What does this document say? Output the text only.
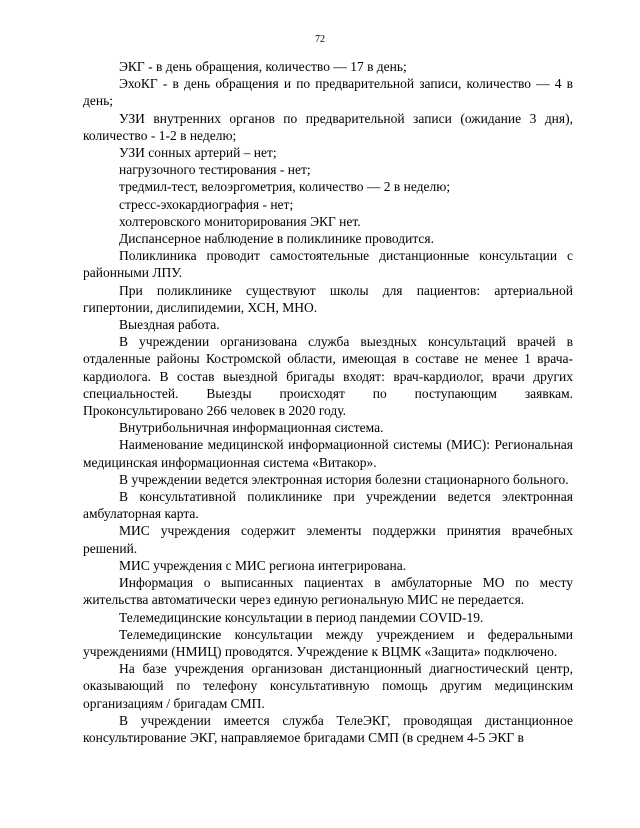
72

ЭКГ - в день обращения, количество — 17 в день;

ЭхоКГ - в день обращения и по предварительной записи, количество — 4 в день;

УЗИ внутренних органов по предварительной записи (ожидание 3 дня), количество - 1-2 в неделю;

УЗИ сонных артерий – нет;

нагрузочного тестирования - нет;

тредмил-тест, велоэргометрия, количество — 2 в неделю;

стресс-эхокардиография - нет;

холтеровского мониторирования ЭКГ нет.

Диспансерное наблюдение в поликлинике проводится.

Поликлиника проводит самостоятельные дистанционные консультации с районными ЛПУ.

При поликлинике существуют школы для пациентов: артериальной гипертонии, дислипидемии, ХСН, МНО.

Выездная работа.

В учреждении организована служба выездных консультаций врачей в отдаленные районы Костромской области, имеющая в составе не менее 1 врача-кардиолога. В состав выездной бригады входят: врач-кардиолог, врачи других специальностей. Выезды происходят по поступающим заявкам. Проконсультировано 266 человек в 2020 году.

Внутрибольничная информационная система.

Наименование медицинской информационной системы (МИС): Региональная медицинская информационная система «Витакор».

В учреждении ведется электронная история болезни стационарного больного.

В консультативной поликлинике при учреждении ведется электронная амбулаторная карта.

МИС учреждения содержит элементы поддержки принятия врачебных решений.

МИС учреждения с МИС региона интегрирована.

Информация о выписанных пациентах в амбулаторные МО по месту жительства автоматически через единую региональную МИС не передается.

Телемедицинские консультации в период пандемии COVID-19.

Телемедицинские консультации между учреждением и федеральными учреждениями (НМИЦ) проводятся. Учреждение к ВЦМК «Защита» подключено.

На базе учреждения организован дистанционный диагностический центр, оказывающий по телефону консультативную помощь другим медицинским организациям / бригадам СМП.

В учреждении имеется служба ТелеЭКГ, проводящая дистанционное консультирование ЭКГ, направляемое бригадами СМП (в среднем 4-5 ЭКГ в
